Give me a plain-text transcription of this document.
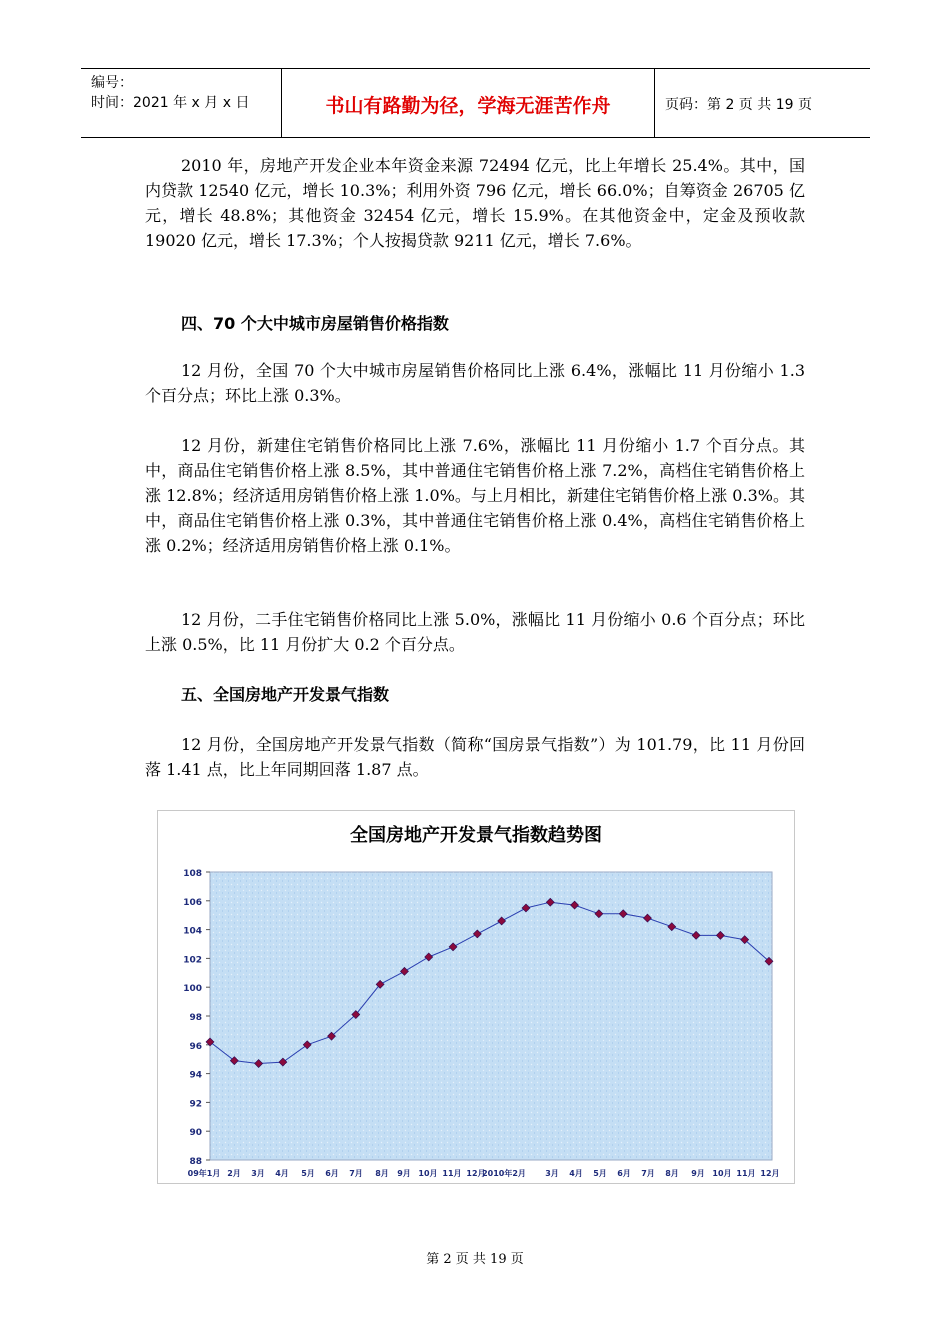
编号：
时间：2021 年 x 月 x 日	书山有路勤为径，学海无涯苦作舟	页码：第 2 页 共 19 页

2010 年，房地产开发企业本年资金来源 72494 亿元，比上年增长 25.4%。其中，国内贷款 12540 亿元，增长 10.3%；利用外资 796 亿元，增长 66.0%；自筹资金 26705 亿元，增长 48.8%；其他资金 32454 亿元，增长 15.9%。在其他资金中，定金及预收款 19020 亿元，增长 17.3%；个人按揭贷款 9211 亿元，增长 7.6%。

四、70 个大中城市房屋销售价格指数

12 月份，全国 70 个大中城市房屋销售价格同比上涨 6.4%，涨幅比 11 月份缩小 1.3 个百分点；环比上涨 0.3%。

12 月份，新建住宅销售价格同比上涨 7.6%，涨幅比 11 月份缩小 1.7 个百分点。其中，商品住宅销售价格上涨 8.5%，其中普通住宅销售价格上涨 7.2%，高档住宅销售价格上涨 12.8%；经济适用房销售价格上涨 1.0%。与上月相比，新建住宅销售价格上涨 0.3%。其中，商品住宅销售价格上涨 0.3%，其中普通住宅销售价格上涨 0.4%，高档住宅销售价格上涨 0.2%；经济适用房销售价格上涨 0.1%。

12 月份，二手住宅销售价格同比上涨 5.0%，涨幅比 11 月份缩小 0.6 个百分点；环比上涨 0.5%，比 11 月份扩大 0.2 个百分点。

五、全国房地产开发景气指数

12 月份，全国房地产开发景气指数（简称“国房景气指数”）为 101.79，比 11 月份回落 1.41 点，比上年同期回落 1.87 点。

全国房地产开发景气指数趋势图
88
90
92
94
96
98
100
102
104
106
108
09年1月 2月 3月 4月 5月 6月 7月 8月 9月 10月 11月 12月
2010年2月 3月 4月 5月 6月 7月 8月 9月 10月 11月 12月
第 2 页 共 19 页
